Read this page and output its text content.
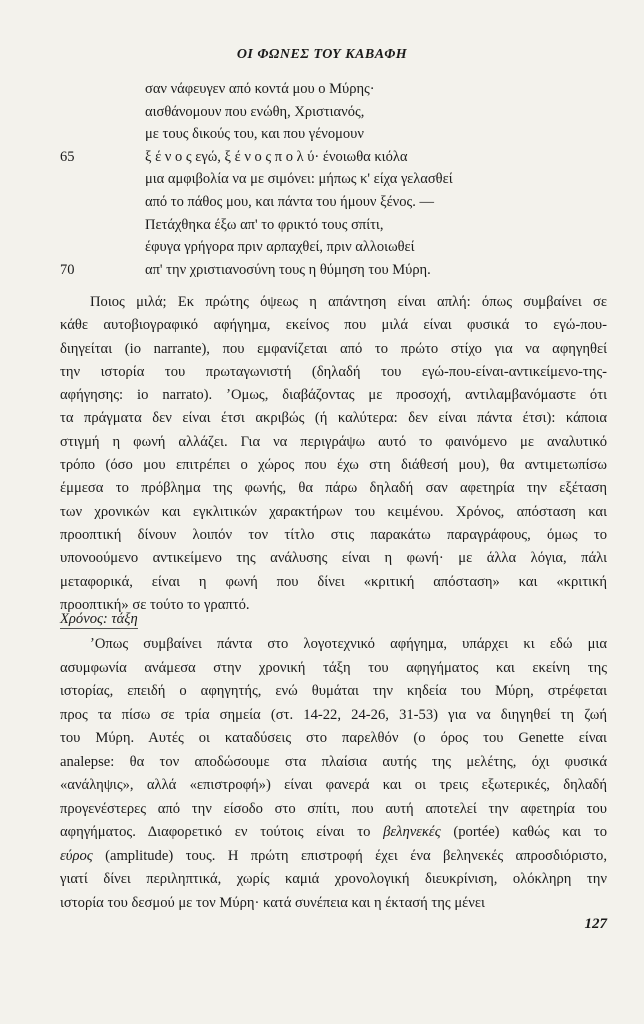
ΟΙ ΦΩΝΕΣ ΤΟΥ ΚΑΒΑΦΗ
σαν νάφευγεν από κοντά μου ο Μύρης·
αισθάνομουν που ενώθη, Χριστιανός,
με τους δικούς του, και που γένομουν
65	ξ έ ν ο ς εγώ, ξ έ ν ο ς π ο λ ύ· ένοιωθα κιόλα
μια αμφιβολία να με σιμόνει: μήπως κ' είχα γελασθεί
από το πάθος μου, και πάντα του ήμουν ξένος. —
Πετάχθηκα έξω απ' το φρικτό τους σπίτι,
έφυγα γρήγορα πριν αρπαχθεί, πριν αλλοιωθεί
70	απ' την χριστιανοσύνη τους η θύμηση του Μύρη.
Ποιος μιλά; Εκ πρώτης όψεως η απάντηση είναι απλή: όπως συμβαίνει σε
κάθε αυτοβιογραφικό αφήγημα, εκείνος που μιλά είναι φυσικά το εγώ-που-
διηγείται (io narrante), που εμφανίζεται από το πρώτο στίχο για να αφηγηθεί
την ιστορία του πρωταγωνιστή (δηλαδή του εγώ-που-είναι-αντικείμενο-της-
αφήγησης: io narrato). ʼΟμως, διαβάζοντας με προσοχή, αντιλαμβανόμαστε ότι
τα πράγματα δεν είναι έτσι ακριβώς (ή καλύτερα: δεν είναι πάντα έτσι): κάποια
στιγμή η φωνή αλλάζει. Για να περιγράψω αυτό το φαινόμενο με αναλυτικό
τρόπο (όσο μου επιτρέπει ο χώρος που έχω στη διάθεσή μου), θα αντιμετωπίσω
έμμεσα το πρόβλημα της φωνής, θα πάρω δηλαδή σαν αφετηρία την εξέταση
των χρονικών και εγκλιτικών χαρακτήρων του κειμένου. Χρόνος, απόσταση και
προοπτική δίνουν λοιπόν τον τίτλο στις παρακάτω παραγράφους, όμως το
υπονοούμενο αντικείμενο της ανάλυσης είναι η φωνή· με άλλα λόγια, πάλι
μεταφορικά, είναι η φωνή που δίνει «κριτική απόσταση» και «κριτική
προοπτική» σε τούτο το γραπτό.
Χρόνος: τάξη
ʼΟπως συμβαίνει πάντα στο λογοτεχνικό αφήγημα, υπάρχει κι εδώ μια
ασυμφωνία ανάμεσα στην χρονική τάξη του αφηγήματος και εκείνη της
ιστορίας, επειδή ο αφηγητής, ενώ θυμάται την κηδεία του Μύρη, στρέφεται
προς τα πίσω σε τρία σημεία (στ. 14-22, 24-26, 31-53) για να διηγηθεί τη ζωή
του Μύρη. Αυτές οι καταδύσεις στο παρελθόν (ο όρος του Genette είναι
analepse: θα τον αποδώσουμε στα πλαίσια αυτής της μελέτης, όχι φυσικά
«ανάληψις», αλλά «επιστροφή») είναι φανερά και οι τρεις εξωτερικές, δηλαδή
προγενέστερες από την είσοδο στο σπίτι, που αυτή αποτελεί την αφετηρία του
αφηγήματος. Διαφορετικό εν τούτοις είναι το βεληνεκές (portée) καθώς και το
εύρος (amplitude) τους. Η πρώτη επιστροφή έχει ένα βεληνεκές απροσδιόριστο,
γιατί δίνει περιληπτικά, χωρίς καμιά χρονολογική διευκρίνιση, ολόκληρη την
ιστορία του δεσμού με τον Μύρη· κατά συνέπεια και η έκτασή της μένει
127
